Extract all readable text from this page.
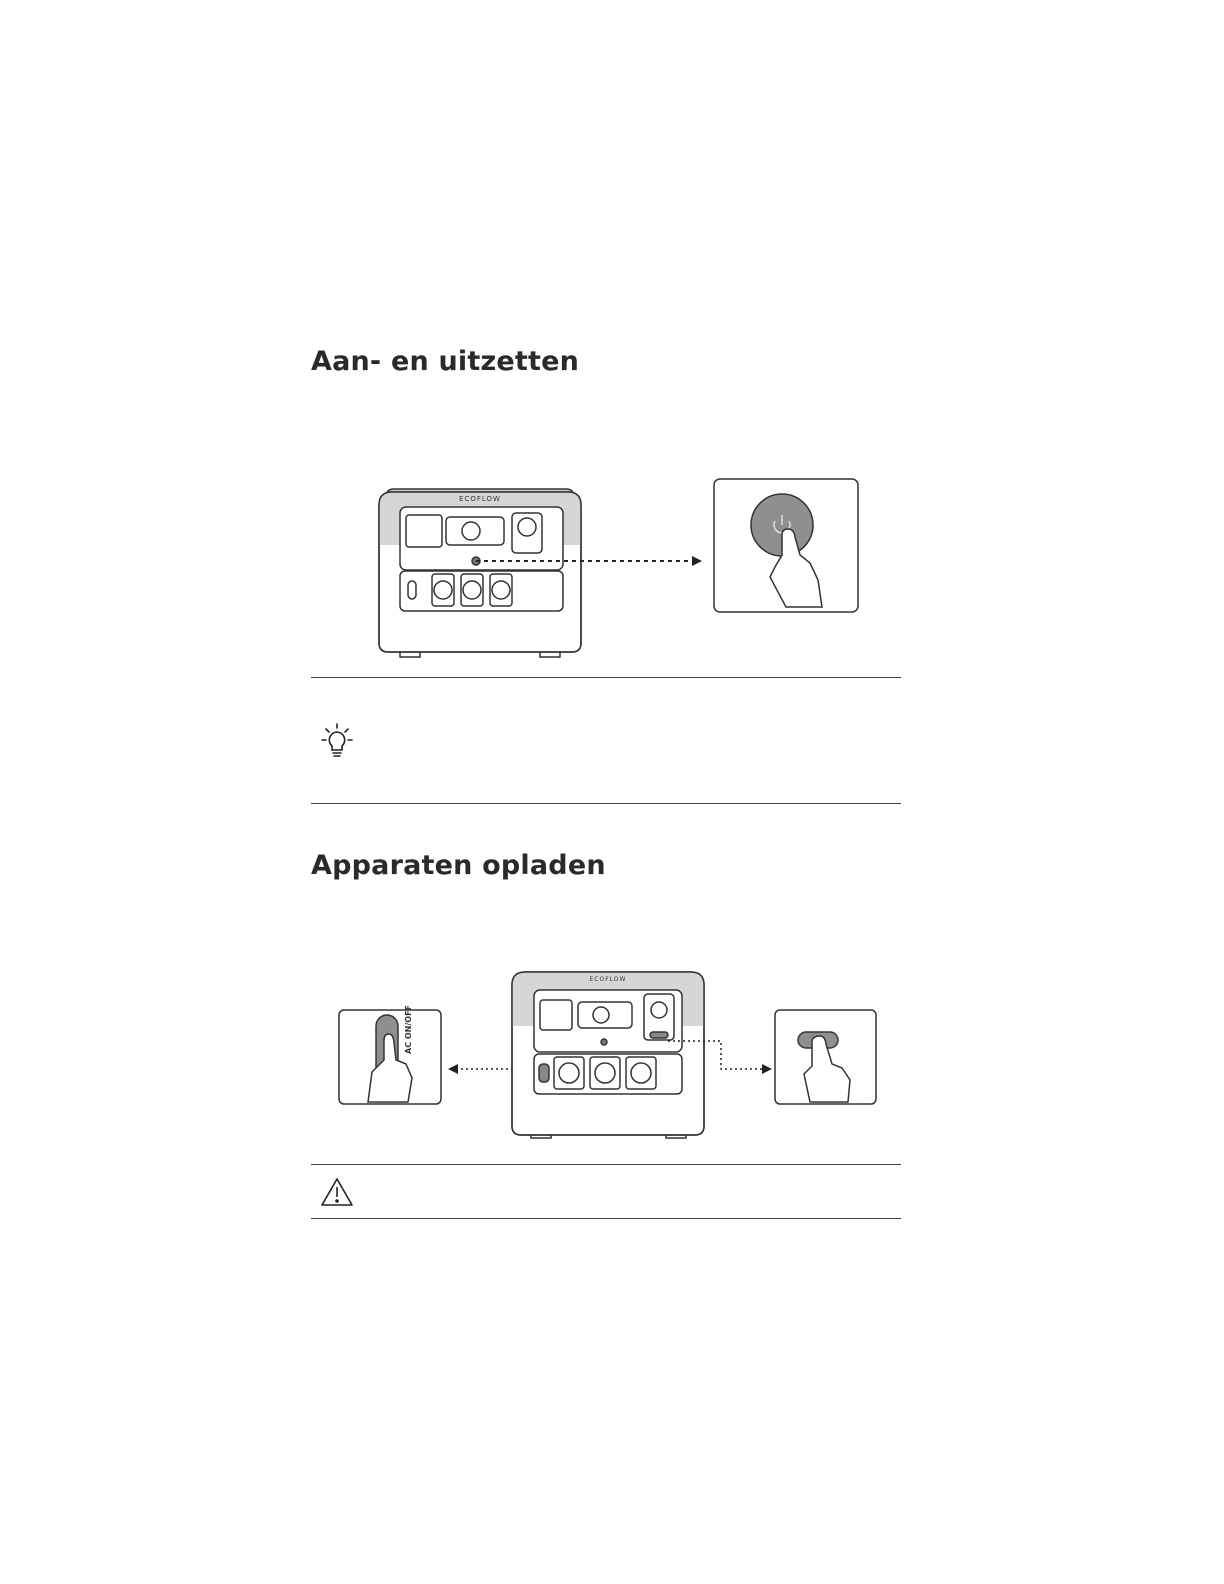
Aan- en uitzetten
ECOFLOW
Apparaten opladen
AC ON/OFF
ECOFLOW
